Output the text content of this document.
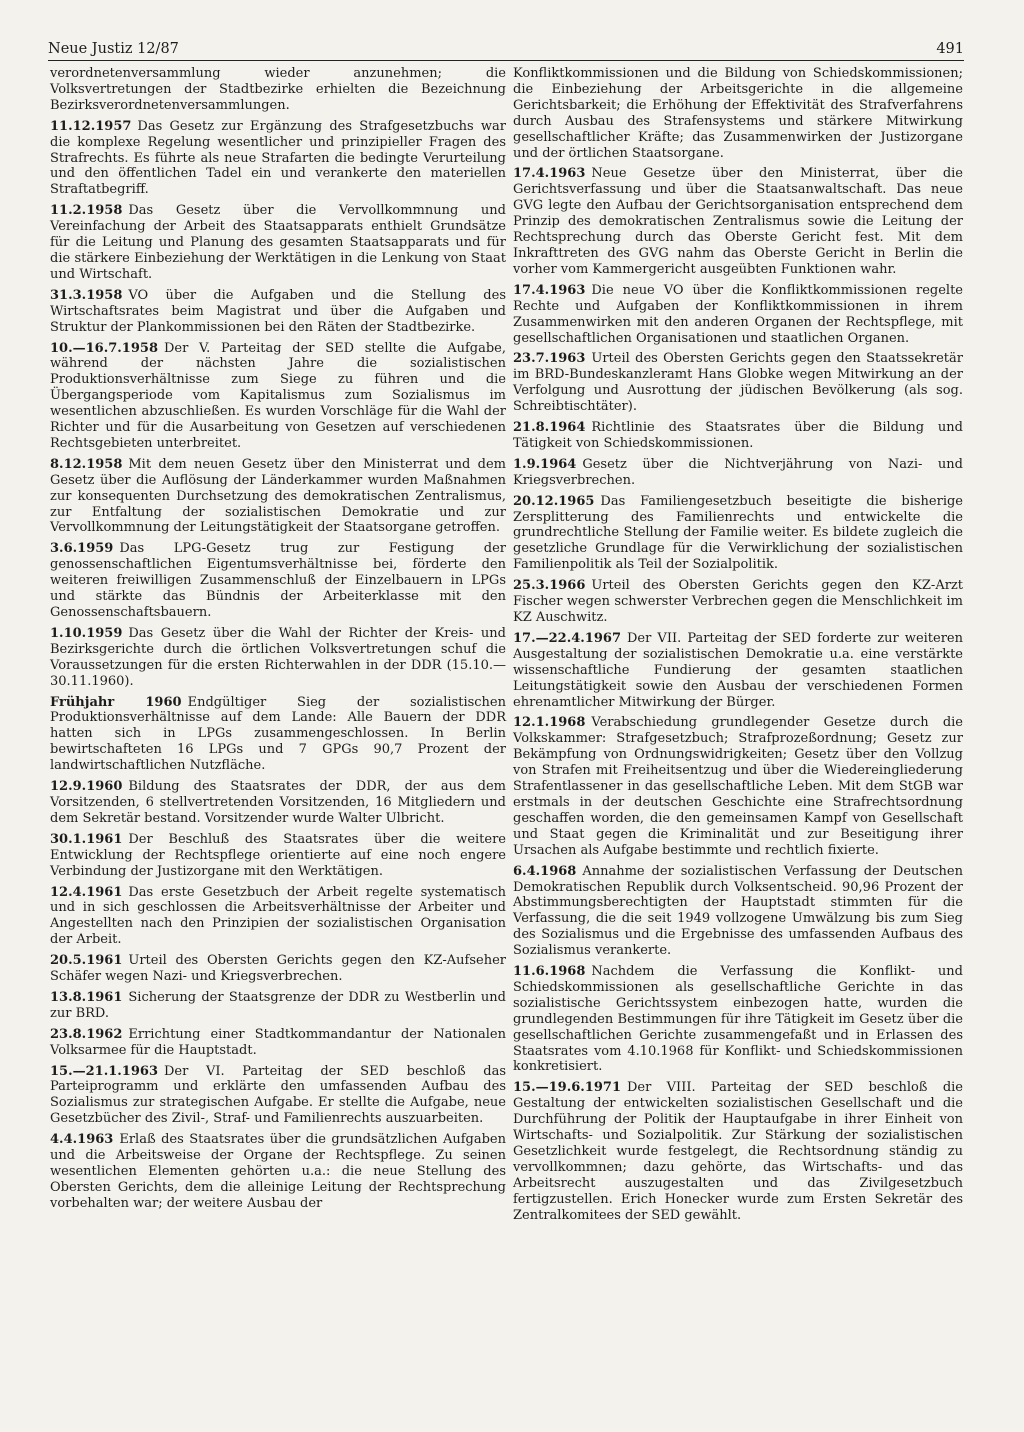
Neue Justiz 12/87	491

verordnetenversammlung wieder anzunehmen; die Volksvertretungen der Stadtbezirke erhielten die Bezeichnung Bezirksverordnetenversammlungen.

11.12.1957 Das Gesetz zur Ergänzung des Strafgesetzbuchs war die komplexe Regelung wesentlicher und prinzipieller Fragen des Strafrechts. Es führte als neue Strafarten die bedingte Verurteilung und den öffentlichen Tadel ein und verankerte den materiellen Straftatbegriff.

11.2.1958 Das Gesetz über die Vervollkommnung und Vereinfachung der Arbeit des Staatsapparats enthielt Grundsätze für die Leitung und Planung des gesamten Staatsapparats und für die stärkere Einbeziehung der Werktätigen in die Lenkung von Staat und Wirtschaft.

31.3.1958 VO über die Aufgaben und die Stellung des Wirtschaftsrates beim Magistrat und über die Aufgaben und Struktur der Plankommissionen bei den Räten der Stadtbezirke.

10.—16.7.1958 Der V. Parteitag der SED stellte die Aufgabe, während der nächsten Jahre die sozialistischen Produktionsverhältnisse zum Siege zu führen und die Übergangsperiode vom Kapitalismus zum Sozialismus im wesentlichen abzuschließen. Es wurden Vorschläge für die Wahl der Richter und für die Ausarbeitung von Gesetzen auf verschiedenen Rechtsgebieten unterbreitet.

8.12.1958 Mit dem neuen Gesetz über den Ministerrat und dem Gesetz über die Auflösung der Länderkammer wurden Maßnahmen zur konsequenten Durchsetzung des demokratischen Zentralismus, zur Entfaltung der sozialistischen Demokratie und zur Vervollkommnung der Leitungstätigkeit der Staatsorgane getroffen.

3.6.1959 Das LPG-Gesetz trug zur Festigung der genossenschaftlichen Eigentumsverhältnisse bei, förderte den weiteren freiwilligen Zusammenschluß der Einzelbauern in LPGs und stärkte das Bündnis der Arbeiterklasse mit den Genossenschaftsbauern.

1.10.1959 Das Gesetz über die Wahl der Richter der Kreis- und Bezirksgerichte durch die örtlichen Volksvertretungen schuf die Voraussetzungen für die ersten Richterwahlen in der DDR (15.10.—30.11.1960).

Frühjahr 1960 Endgültiger Sieg der sozialistischen Produktionsverhältnisse auf dem Lande: Alle Bauern der DDR hatten sich in LPGs zusammengeschlossen. In Berlin bewirtschafteten 16 LPGs und 7 GPGs 90,7 Prozent der landwirtschaftlichen Nutzfläche.

12.9.1960 Bildung des Staatsrates der DDR, der aus dem Vorsitzenden, 6 stellvertretenden Vorsitzenden, 16 Mitgliedern und dem Sekretär bestand. Vorsitzender wurde Walter Ulbricht.

30.1.1961 Der Beschluß des Staatsrates über die weitere Entwicklung der Rechtspflege orientierte auf eine noch engere Verbindung der Justizorgane mit den Werktätigen.

12.4.1961 Das erste Gesetzbuch der Arbeit regelte systematisch und in sich geschlossen die Arbeitsverhältnisse der Arbeiter und Angestellten nach den Prinzipien der sozialistischen Organisation der Arbeit.

20.5.1961 Urteil des Obersten Gerichts gegen den KZ-Aufseher Schäfer wegen Nazi- und Kriegsverbrechen.

13.8.1961 Sicherung der Staatsgrenze der DDR zu Westberlin und zur BRD.

23.8.1962 Errichtung einer Stadtkommandantur der Nationalen Volksarmee für die Hauptstadt.

15.—21.1.1963 Der VI. Parteitag der SED beschloß das Parteiprogramm und erklärte den umfassenden Aufbau des Sozialismus zur strategischen Aufgabe. Er stellte die Aufgabe, neue Gesetzbücher des Zivil-, Straf- und Familienrechts auszuarbeiten.

4.4.1963 Erlaß des Staatsrates über die grundsätzlichen Aufgaben und die Arbeitsweise der Organe der Rechtspflege. Zu seinen wesentlichen Elementen gehörten u.a.: die neue Stellung des Obersten Gerichts, dem die alleinige Leitung der Rechtsprechung vorbehalten war; der weitere Ausbau der

Konfliktkommissionen und die Bildung von Schiedskommissionen; die Einbeziehung der Arbeitsgerichte in die allgemeine Gerichtsbarkeit; die Erhöhung der Effektivität des Strafverfahrens durch Ausbau des Strafensystems und stärkere Mitwirkung gesellschaftlicher Kräfte; das Zusammenwirken der Justizorgane und der örtlichen Staatsorgane.

17.4.1963 Neue Gesetze über den Ministerrat, über die Gerichtsverfassung und über die Staatsanwaltschaft. Das neue GVG legte den Aufbau der Gerichtsorganisation entsprechend dem Prinzip des demokratischen Zentralismus sowie die Leitung der Rechtsprechung durch das Oberste Gericht fest. Mit dem Inkrafttreten des GVG nahm das Oberste Gericht in Berlin die vorher vom Kammergericht ausgeübten Funktionen wahr.

17.4.1963 Die neue VO über die Konfliktkommissionen regelte Rechte und Aufgaben der Konfliktkommissionen in ihrem Zusammenwirken mit den anderen Organen der Rechtspflege, mit gesellschaftlichen Organisationen und staatlichen Organen.

23.7.1963 Urteil des Obersten Gerichts gegen den Staatssekretär im BRD-Bundeskanzleramt Hans Globke wegen Mitwirkung an der Verfolgung und Ausrottung der jüdischen Bevölkerung (als sog. Schreibtischtäter).

21.8.1964 Richtlinie des Staatsrates über die Bildung und Tätigkeit von Schiedskommissionen.

1.9.1964 Gesetz über die Nichtverjährung von Nazi- und Kriegsverbrechen.

20.12.1965 Das Familiengesetzbuch beseitigte die bisherige Zersplitterung des Familienrechts und entwickelte die grundrechtliche Stellung der Familie weiter. Es bildete zugleich die gesetzliche Grundlage für die Verwirklichung der sozialistischen Familienpolitik als Teil der Sozialpolitik.

25.3.1966 Urteil des Obersten Gerichts gegen den KZ-Arzt Fischer wegen schwerster Verbrechen gegen die Menschlichkeit im KZ Auschwitz.

17.—22.4.1967 Der VII. Parteitag der SED forderte zur weiteren Ausgestaltung der sozialistischen Demokratie u.a. eine verstärkte wissenschaftliche Fundierung der gesamten staatlichen Leitungstätigkeit sowie den Ausbau der verschiedenen Formen ehrenamtlicher Mitwirkung der Bürger.

12.1.1968 Verabschiedung grundlegender Gesetze durch die Volkskammer: Strafgesetzbuch; Strafprozeßordnung; Gesetz zur Bekämpfung von Ordnungswidrigkeiten; Gesetz über den Vollzug von Strafen mit Freiheitsentzug und über die Wiedereingliederung Strafentlassener in das gesellschaftliche Leben. Mit dem StGB war erstmals in der deutschen Geschichte eine Strafrechtsordnung geschaffen worden, die den gemeinsamen Kampf von Gesellschaft und Staat gegen die Kriminalität und zur Beseitigung ihrer Ursachen als Aufgabe bestimmte und rechtlich fixierte.

6.4.1968 Annahme der sozialistischen Verfassung der Deutschen Demokratischen Republik durch Volksentscheid. 90,96 Prozent der Abstimmungsberechtigten der Hauptstadt stimmten für die Verfassung, die die seit 1949 vollzogene Umwälzung bis zum Sieg des Sozialismus und die Ergebnisse des umfassenden Aufbaus des Sozialismus verankerte.

11.6.1968 Nachdem die Verfassung die Konflikt- und Schiedskommissionen als gesellschaftliche Gerichte in das sozialistische Gerichtssystem einbezogen hatte, wurden die grundlegenden Bestimmungen für ihre Tätigkeit im Gesetz über die gesellschaftlichen Gerichte zusammengefaßt und in Erlassen des Staatsrates vom 4.10.1968 für Konflikt- und Schiedskommissionen konkretisiert.

15.—19.6.1971 Der VIII. Parteitag der SED beschloß die Gestaltung der entwickelten sozialistischen Gesellschaft und die Durchführung der Politik der Hauptaufgabe in ihrer Einheit von Wirtschafts- und Sozialpolitik. Zur Stärkung der sozialistischen Gesetzlichkeit wurde festgelegt, die Rechtsordnung ständig zu vervollkommnen; dazu gehörte, das Wirtschafts- und das Arbeitsrecht auszugestalten und das Zivilgesetzbuch fertigzustellen. Erich Honecker wurde zum Ersten Sekretär des Zentralkomitees der SED gewählt.
